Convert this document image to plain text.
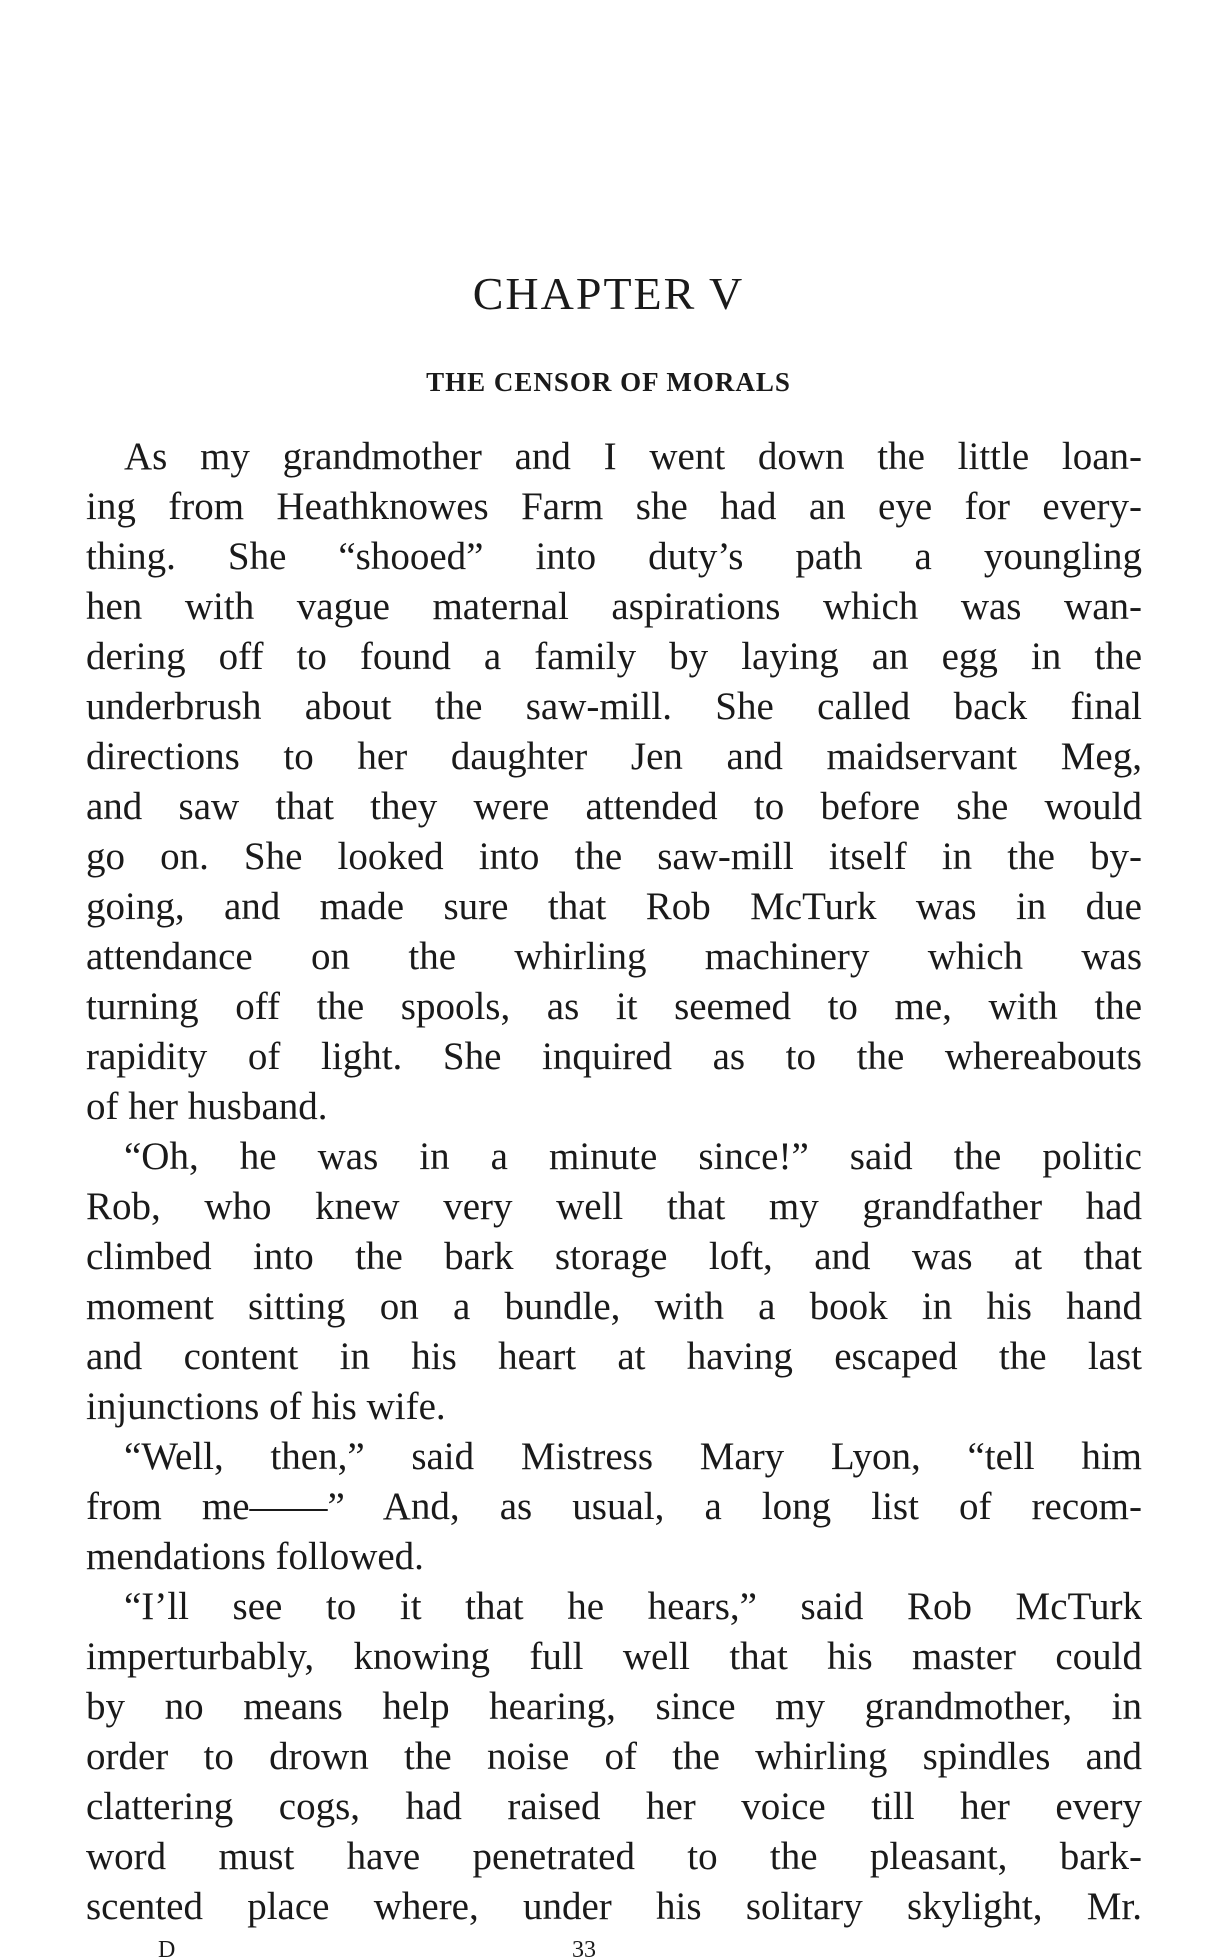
CHAPTER V
THE CENSOR OF MORALS
As my grandmother and I went down the little loan-
ing from Heathknowes Farm she had an eye for every-
thing. She “shooed” into duty’s path a youngling
hen with vague maternal aspirations which was wan-
dering off to found a family by laying an egg in the
underbrush about the saw-mill. She called back final
directions to her daughter Jen and maidservant Meg,
and saw that they were attended to before she would
go on. She looked into the saw-mill itself in the by-
going, and made sure that Rob McTurk was in due
attendance on the whirling machinery which was
turning off the spools, as it seemed to me, with the
rapidity of light. She inquired as to the whereabouts
of her husband.
“Oh, he was in a minute since!” said the politic
Rob, who knew very well that my grandfather had
climbed into the bark storage loft, and was at that
moment sitting on a bundle, with a book in his hand
and content in his heart at having escaped the last
injunctions of his wife.
“Well, then,” said Mistress Mary Lyon, “tell him
from me——” And, as usual, a long list of recom-
mendations followed.
“I’ll see to it that he hears,” said Rob McTurk
imperturbably, knowing full well that his master could
by no means help hearing, since my grandmother, in
order to drown the noise of the whirling spindles and
clattering cogs, had raised her voice till her every
word must have penetrated to the pleasant, bark-
scented place where, under his solitary skylight, Mr.
D	33
